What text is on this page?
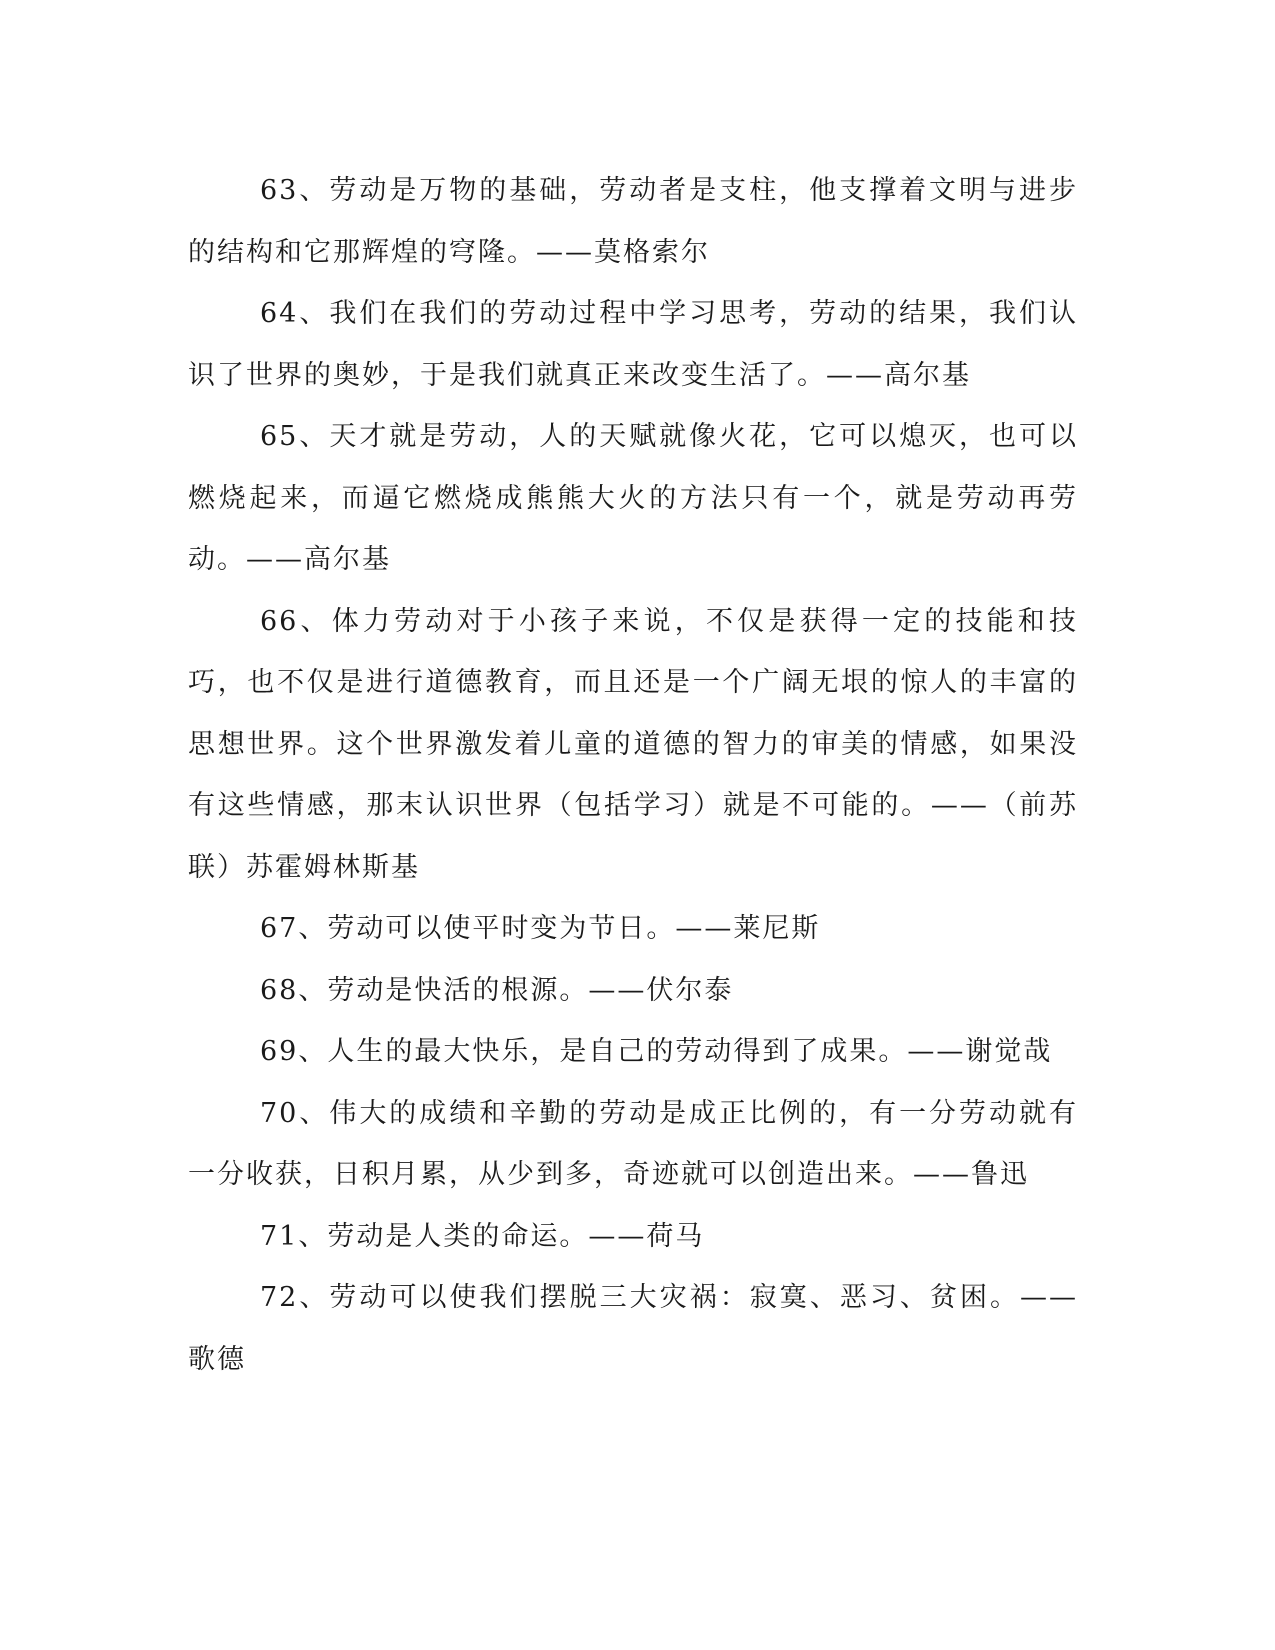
63、劳动是万物的基础，劳动者是支柱，他支撑着文明与进步的结构和它那辉煌的穹隆。——莫格索尔

64、我们在我们的劳动过程中学习思考，劳动的结果，我们认识了世界的奥妙，于是我们就真正来改变生活了。——高尔基

65、天才就是劳动，人的天赋就像火花，它可以熄灭，也可以燃烧起来，而逼它燃烧成熊熊大火的方法只有一个，就是劳动再劳动。——高尔基

66、体力劳动对于小孩子来说，不仅是获得一定的技能和技巧，也不仅是进行道德教育，而且还是一个广阔无垠的惊人的丰富的思想世界。这个世界激发着儿童的道德的智力的审美的情感，如果没有这些情感，那末认识世界（包括学习）就是不可能的。——（前苏联）苏霍姆林斯基

67、劳动可以使平时变为节日。——莱尼斯

68、劳动是快活的根源。——伏尔泰

69、人生的最大快乐，是自己的劳动得到了成果。——谢觉哉

70、伟大的成绩和辛勤的劳动是成正比例的，有一分劳动就有一分收获，日积月累，从少到多，奇迹就可以创造出来。——鲁迅

71、劳动是人类的命运。——荷马

72、劳动可以使我们摆脱三大灾祸：寂寞、恶习、贫困。——歌德
